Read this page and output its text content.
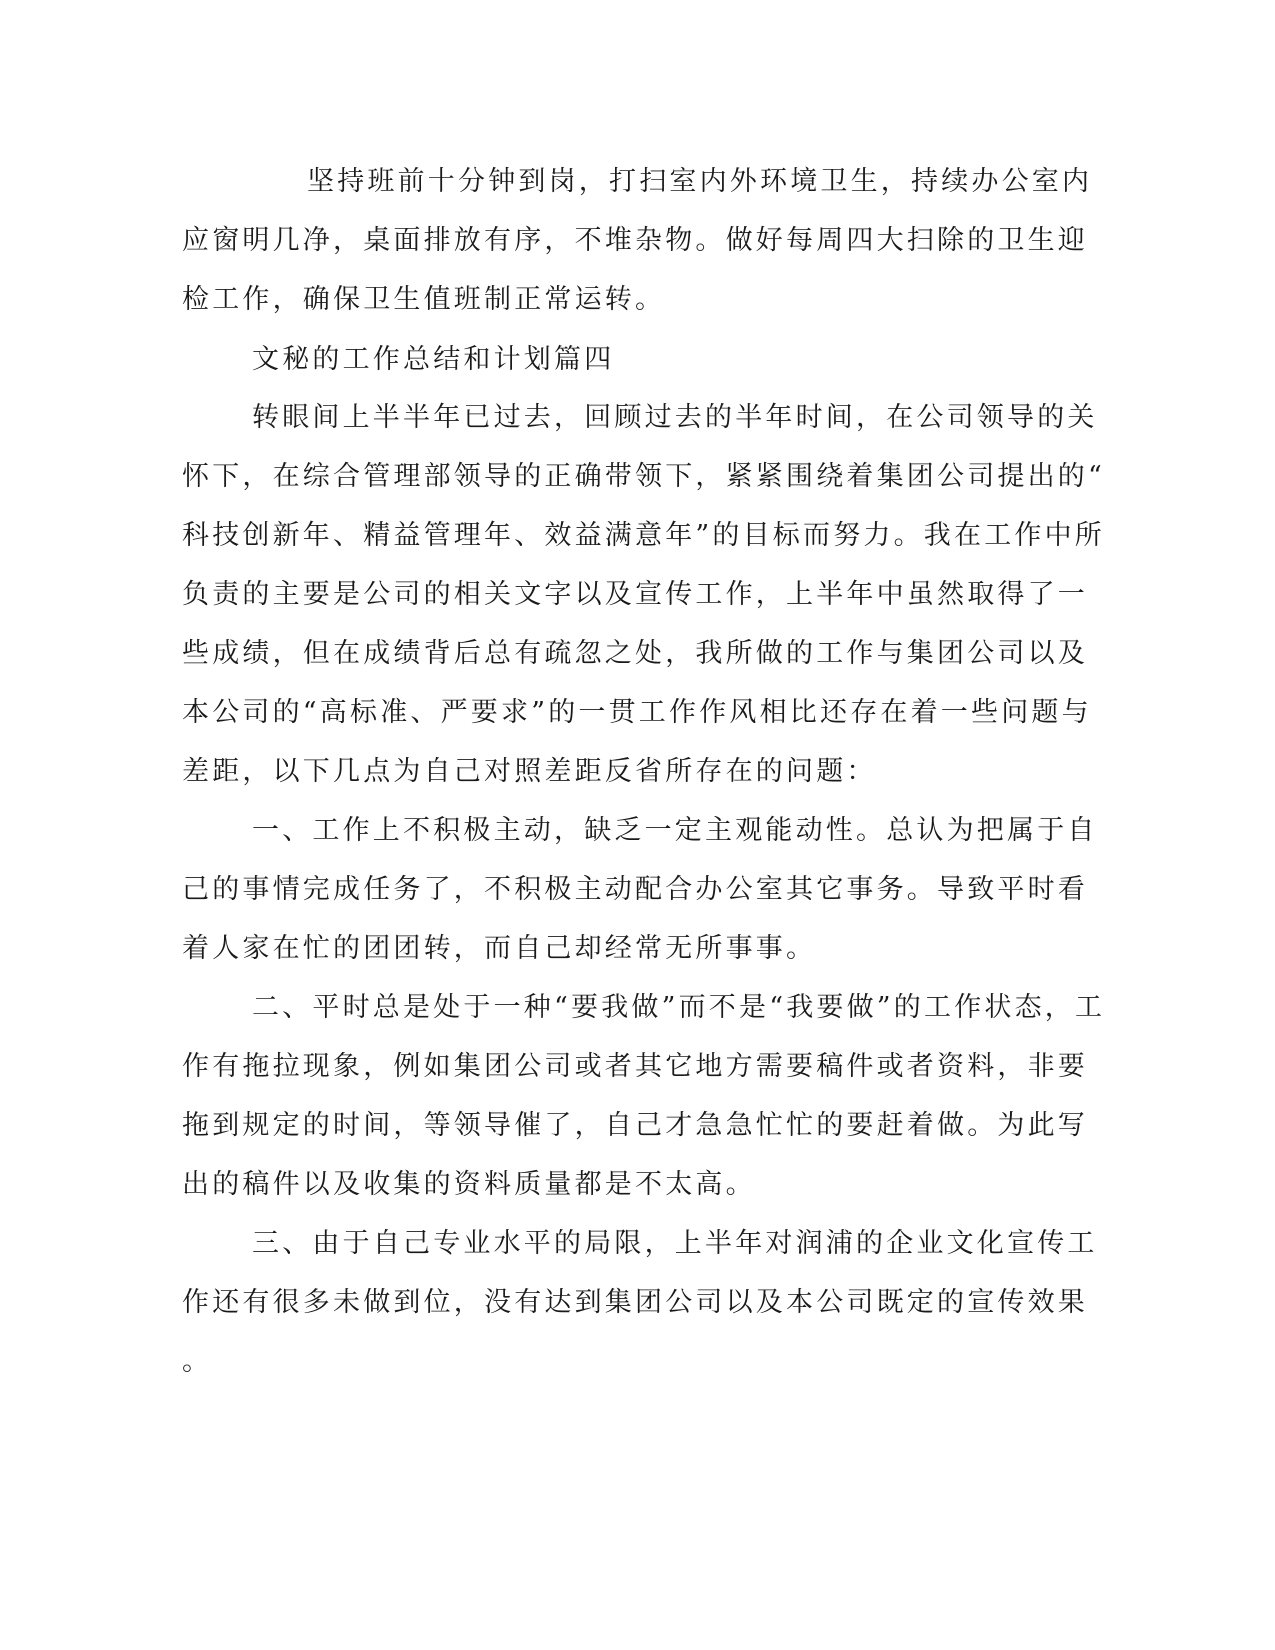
坚持班前十分钟到岗，打扫室内外环境卫生，持续办公室内
应窗明几净，桌面排放有序，不堆杂物。做好每周四大扫除的卫生迎
检工作，确保卫生值班制正常运转。
文秘的工作总结和计划篇四
转眼间上半半年已过去，回顾过去的半年时间，在公司领导的关
怀下，在综合管理部领导的正确带领下，紧紧围绕着集团公司提出的“
科技创新年、精益管理年、效益满意年”的目标而努力。我在工作中所
负责的主要是公司的相关文字以及宣传工作，上半年中虽然取得了一
些成绩，但在成绩背后总有疏忽之处，我所做的工作与集团公司以及
本公司的“高标准、严要求”的一贯工作作风相比还存在着一些问题与
差距，以下几点为自己对照差距反省所存在的问题：
一、工作上不积极主动，缺乏一定主观能动性。总认为把属于自
己的事情完成任务了，不积极主动配合办公室其它事务。导致平时看
着人家在忙的团团转，而自己却经常无所事事。
二、平时总是处于一种“要我做”而不是“我要做”的工作状态，工
作有拖拉现象，例如集团公司或者其它地方需要稿件或者资料，非要
拖到规定的时间，等领导催了，自己才急急忙忙的要赶着做。为此写
出的稿件以及收集的资料质量都是不太高。
三、由于自己专业水平的局限，上半年对润浦的企业文化宣传工
作还有很多未做到位，没有达到集团公司以及本公司既定的宣传效果
。
